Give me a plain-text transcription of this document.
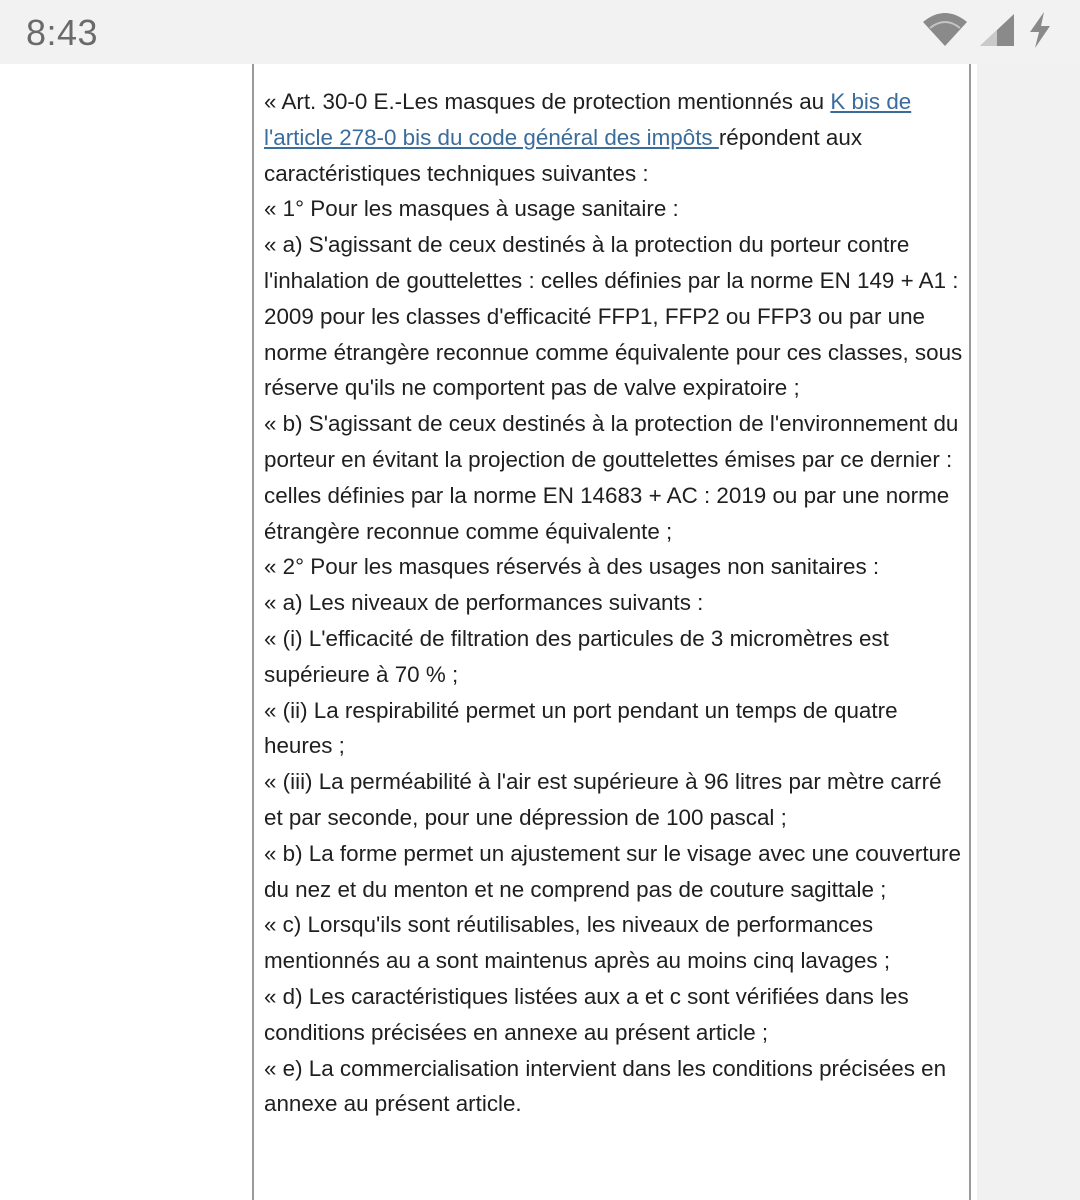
8:43

« Art. 30-0 E.-Les masques de protection mentionnés au K bis de l'article 278-0 bis du code général des impôts répondent aux caractéristiques techniques suivantes :

« 1° Pour les masques à usage sanitaire :

« a) S'agissant de ceux destinés à la protection du porteur contre l'inhalation de gouttelettes : celles définies par la norme EN 149 + A1 : 2009 pour les classes d'efficacité FFP1, FFP2 ou FFP3 ou par une norme étrangère reconnue comme équivalente pour ces classes, sous réserve qu'ils ne comportent pas de valve expiratoire ;

« b) S'agissant de ceux destinés à la protection de l'environnement du porteur en évitant la projection de gouttelettes émises par ce dernier : celles définies par la norme EN 14683 + AC : 2019 ou par une norme étrangère reconnue comme équivalente ;

« 2° Pour les masques réservés à des usages non sanitaires :

« a) Les niveaux de performances suivants :

« (i) L'efficacité de filtration des particules de 3 micromètres est supérieure à 70 % ;

« (ii) La respirabilité permet un port pendant un temps de quatre heures ;

« (iii) La perméabilité à l'air est supérieure à 96 litres par mètre carré et par seconde, pour une dépression de 100 pascal ;

« b) La forme permet un ajustement sur le visage avec une couverture du nez et du menton et ne comprend pas de couture sagittale ;

« c) Lorsqu'ils sont réutilisables, les niveaux de performances mentionnés au a sont maintenus après au moins cinq lavages ;

« d) Les caractéristiques listées aux a et c sont vérifiées dans les conditions précisées en annexe au présent article ;

« e) La commercialisation intervient dans les conditions précisées en annexe au présent article.
